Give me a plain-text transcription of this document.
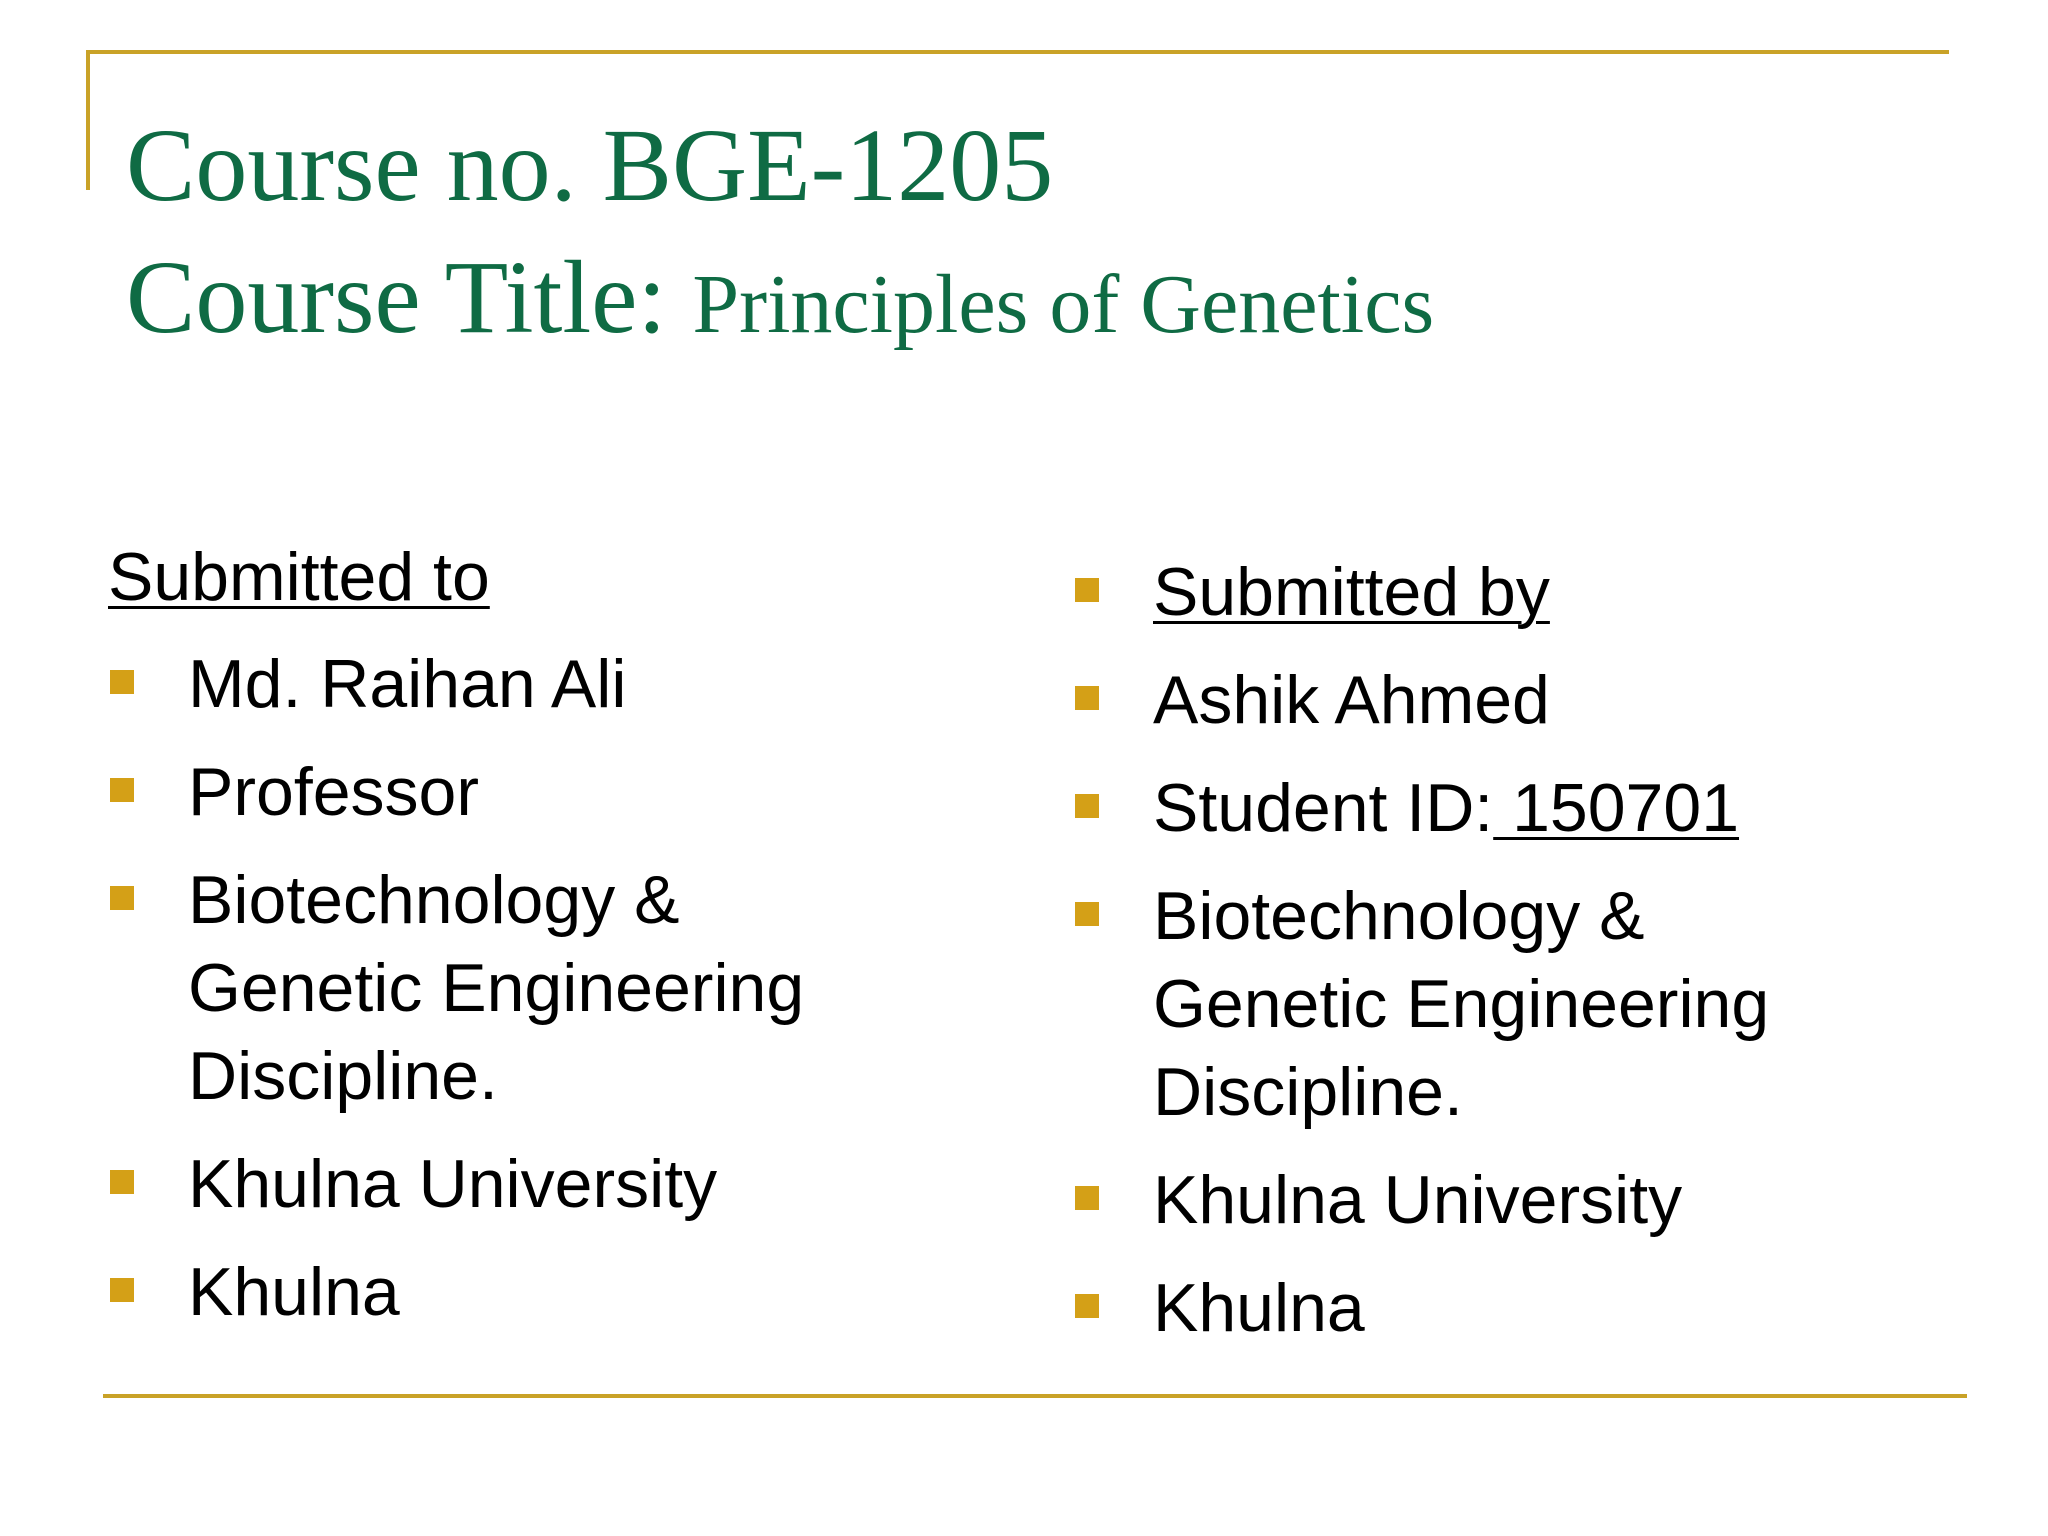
Course no. BGE-1205
Course Title: Principles of Genetics
Submitted to
Md. Raihan Ali
Professor
Biotechnology &
Genetic Engineering
Discipline.
Khulna University
Khulna
Submitted by
Ashik Ahmed
Student ID: 150701
Biotechnology &
Genetic Engineering
Discipline.
Khulna University
Khulna
